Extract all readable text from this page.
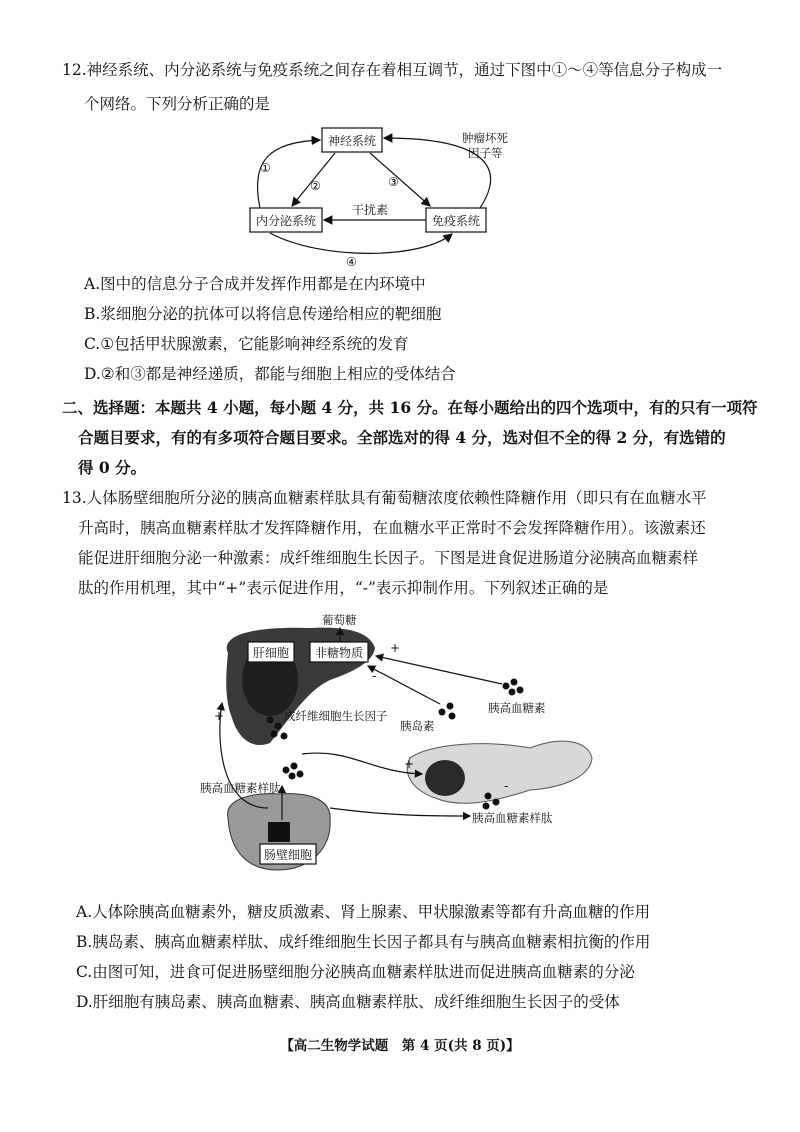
12.神经系统、内分泌系统与免疫系统之间存在着相互调节，通过下图中①～④等信息分子构成一
个网络。下列分析正确的是
神经系统
内分泌系统	免疫系统
①
②	③
肿瘤坏死
因子等
干扰素
④
A.图中的信息分子合成并发挥作用都是在内环境中
B.浆细胞分泌的抗体可以将信息传递给相应的靶细胞
C.①包括甲状腺激素，它能影响神经系统的发育
D.②和③都是神经递质，都能与细胞上相应的受体结合
二、选择题：本题共 4 小题，每小题 4 分，共 16 分。在每小题给出的四个选项中，有的只有一项符
合题目要求，有的有多项符合题目要求。全部选对的得 4 分，选对但不全的得 2 分，有选错的
得 0 分。
13.人体肠壁细胞所分泌的胰高血糖素样肽具有葡萄糖浓度依赖性降糖作用（即只有在血糖水平
升高时，胰高血糖素样肽才发挥降糖作用，在血糖水平正常时不会发挥降糖作用）。该激素还
能促进肝细胞分泌一种激素：成纤维细胞生长因子。下图是进食促进肠道分泌胰高血糖素样
肽的作用机理，其中“+”表示促进作用，“-”表示抑制作用。下列叙述正确的是
肝细胞 非糖物质
葡萄糖
成纤维细胞生长因子
胰岛素
胰高血糖素
+
-
胰高血糖素样肽
肠壁细胞
胰高血糖素样肽
+
+
-
A.人体除胰高血糖素外，糖皮质激素、肾上腺素、甲状腺激素等都有升高血糖的作用
B.胰岛素、胰高血糖素样肽、成纤维细胞生长因子都具有与胰高血糖素相抗衡的作用
C.由图可知，进食可促进肠壁细胞分泌胰高血糖素样肽进而促进胰高血糖素的分泌
D.肝细胞有胰岛素、胰高血糖素、胰高血糖素样肽、成纤维细胞生长因子的受体
【高二生物学试题　第 4 页(共 8 页)】
